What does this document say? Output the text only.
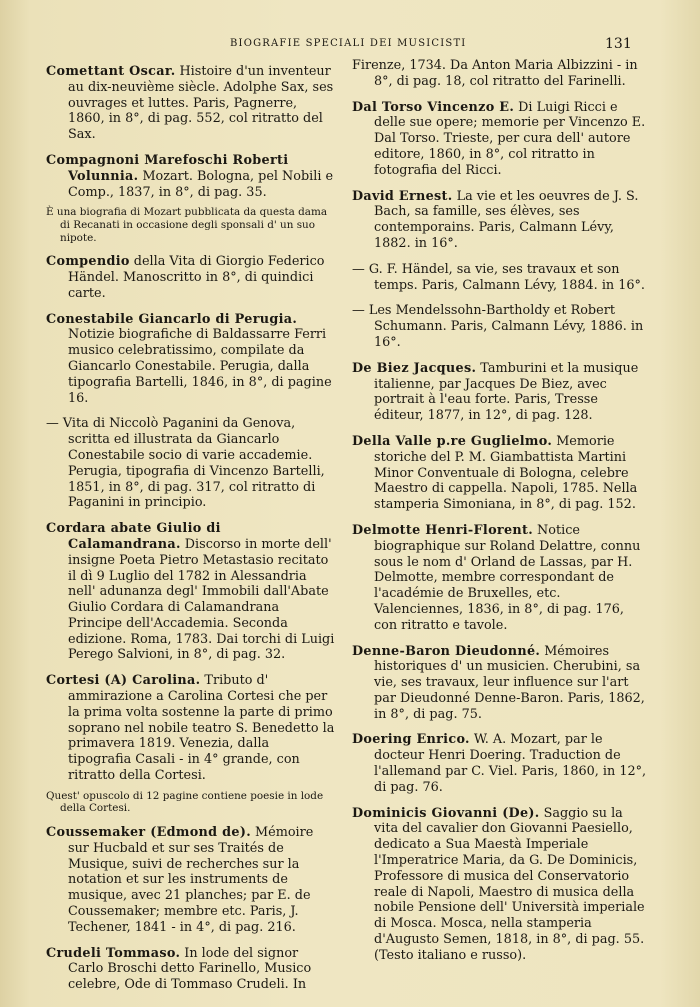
BIOGRAFIE SPECIALI DEI MUSICISTI	131
Comettant Oscar. Histoire d'un inventeur au dix-neuvième siècle. Adolphe Sax, ses ouvrages et luttes. Paris, Pagnerre, 1860, in 8°, di pag. 552, col ritratto del Sax.
Compagnoni Marefoschi Roberti Volunnia. Mozart. Bologna, pel Nobili e Comp., 1837, in 8°, di pag. 35.
È una biografia di Mozart pubblicata da questa dama di Recanati in occasione degli sponsali d' un suo nipote.
Compendio della Vita di Giorgio Federico Händel. Manoscritto in 8°, di quindici carte.
Conestabile Giancarlo di Perugia. Notizie biografiche di Baldassarre Ferri musico celebratissimo, compilate da Giancarlo Conestabile. Perugia, dalla tipografia Bartelli, 1846, in 8°, di pagine 16.
— Vita di Niccolò Paganini da Genova, scritta ed illustrata da Giancarlo Conestabile socio di varie accademie. Perugia, tipografia di Vincenzo Bartelli, 1851, in 8°, di pag. 317, col ritratto di Paganini in principio.
Cordara abate Giulio di Calamandrana. Discorso in morte dell' insigne Poeta Pietro Metastasio recitato il dì 9 Luglio del 1782 in Alessandria nell' adunanza degl' Immobili dall'Abate Giulio Cordara di Calamandrana Principe dell'Accademia. Seconda edizione. Roma, 1783. Dai torchi di Luigi Perego Salvioni, in 8°, di pag. 32.
Cortesi (A) Carolina. Tributo d' ammirazione a Carolina Cortesi che per la prima volta sostenne la parte di primo soprano nel nobile teatro S. Benedetto la primavera 1819. Venezia, dalla tipografia Casali - in 4° grande, con ritratto della Cortesi.
Quest' opuscolo di 12 pagine contiene poesie in lode della Cortesi.
Coussemaker (Edmond de). Mémoire sur Hucbald et sur ses Traités de Musique, suivi de recherches sur la notation et sur les instruments de musique, avec 21 planches; par E. de Coussemaker; membre etc. Paris, J. Techener, 1841 - in 4°, di pag. 216.
Crudeli Tommaso. In lode del signor Carlo Broschi detto Farinello, Musico celebre, Ode di Tommaso Crudeli. In
Firenze, 1734. Da Anton Maria Albizzini - in 8°, di pag. 18, col ritratto del Farinelli.
Dal Torso Vincenzo E. Di Luigi Ricci e delle sue opere; memorie per Vincenzo E. Dal Torso. Trieste, per cura dell' autore editore, 1860, in 8°, col ritratto in fotografia del Ricci.
David Ernest. La vie et les oeuvres de J. S. Bach, sa famille, ses élèves, ses contemporains. Paris, Calmann Lévy, 1882. in 16°.
— G. F. Händel, sa vie, ses travaux et son temps. Paris, Calmann Lévy, 1884. in 16°.
— Les Mendelssohn-Bartholdy et Robert Schumann. Paris, Calmann Lévy, 1886. in 16°.
De Biez Jacques. Tamburini et la musique italienne, par Jacques De Biez, avec portrait à l'eau forte. Paris, Tresse éditeur, 1877, in 12°, di pag. 128.
Della Valle p.re Guglielmo. Memorie storiche del P. M. Giambattista Martini Minor Conventuale di Bologna, celebre Maestro di cappella. Napoli, 1785. Nella stamperia Simoniana, in 8°, di pag. 152.
Delmotte Henri-Florent. Notice biographique sur Roland Delattre, connu sous le nom d' Orland de Lassas, par H. Delmotte, membre correspondant de l'académie de Bruxelles, etc. Valenciennes, 1836, in 8°, di pag. 176, con ritratto e tavole.
Denne-Baron Dieudonné. Mémoires historiques d' un musicien. Cherubini, sa vie, ses travaux, leur influence sur l'art par Dieudonné Denne-Baron. Paris, 1862, in 8°, di pag. 75.
Doering Enrico. W. A. Mozart, par le docteur Henri Doering. Traduction de l'allemand par C. Viel. Paris, 1860, in 12°, di pag. 76.
Dominicis Giovanni (De). Saggio su la vita del cavalier don Giovanni Paesiello, dedicato a Sua Maestà Imperiale l'Imperatrice Maria, da G. De Dominicis, Professore di musica del Conservatorio reale di Napoli, Maestro di musica della nobile Pensione dell' Università imperiale di Mosca. Mosca, nella stamperia d'Augusto Semen, 1818, in 8°, di pag. 55. (Testo italiano e russo).
